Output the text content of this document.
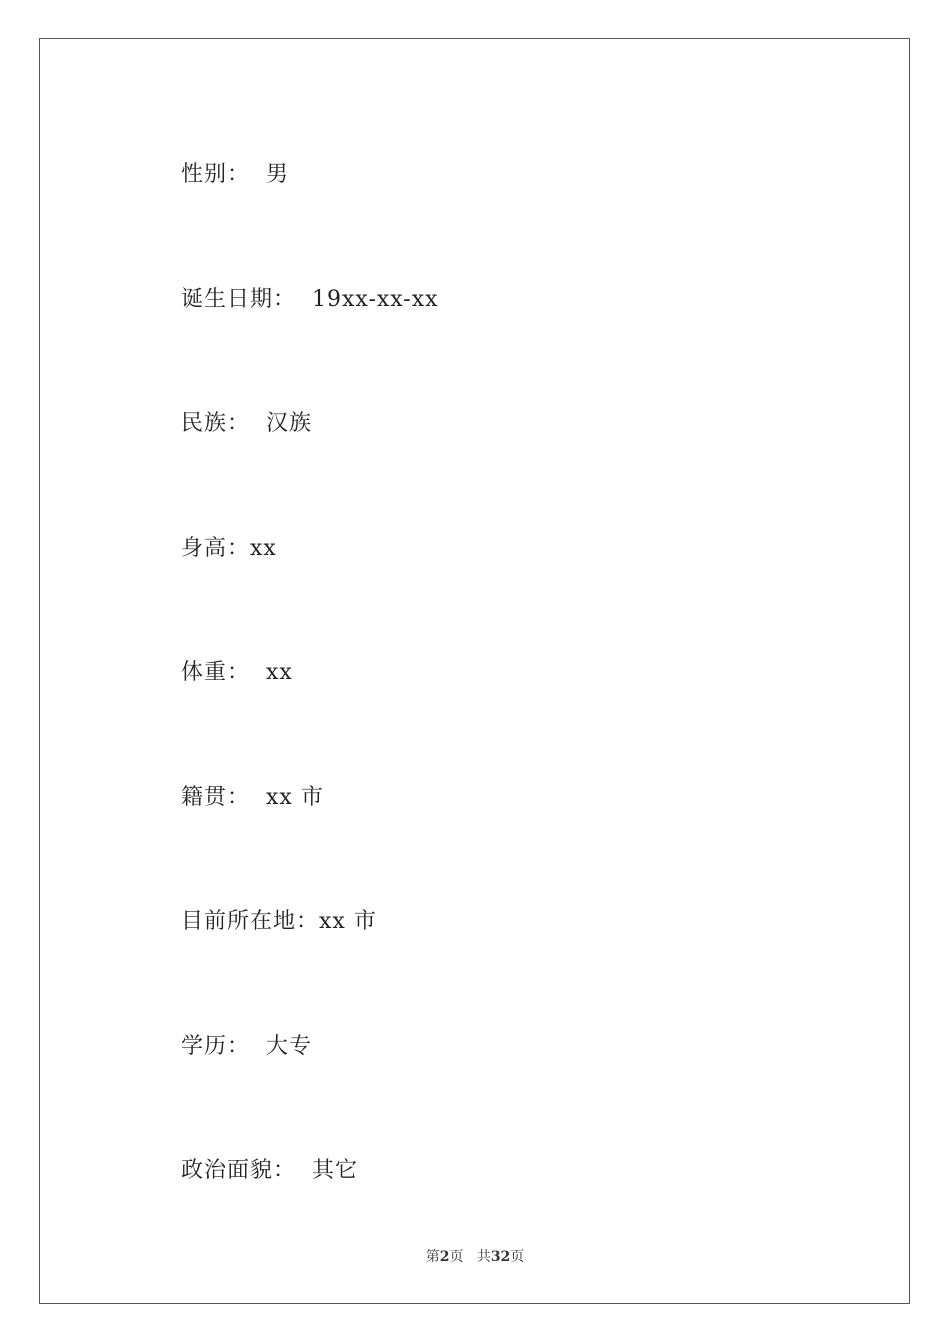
性别： 男

诞生日期： 19xx-xx-xx

民族： 汉族

身高：xx

体重： xx

籍贯： xx 市

目前所在地：xx 市

学历： 大专

政治面貌： 其它

第2页 共32页
